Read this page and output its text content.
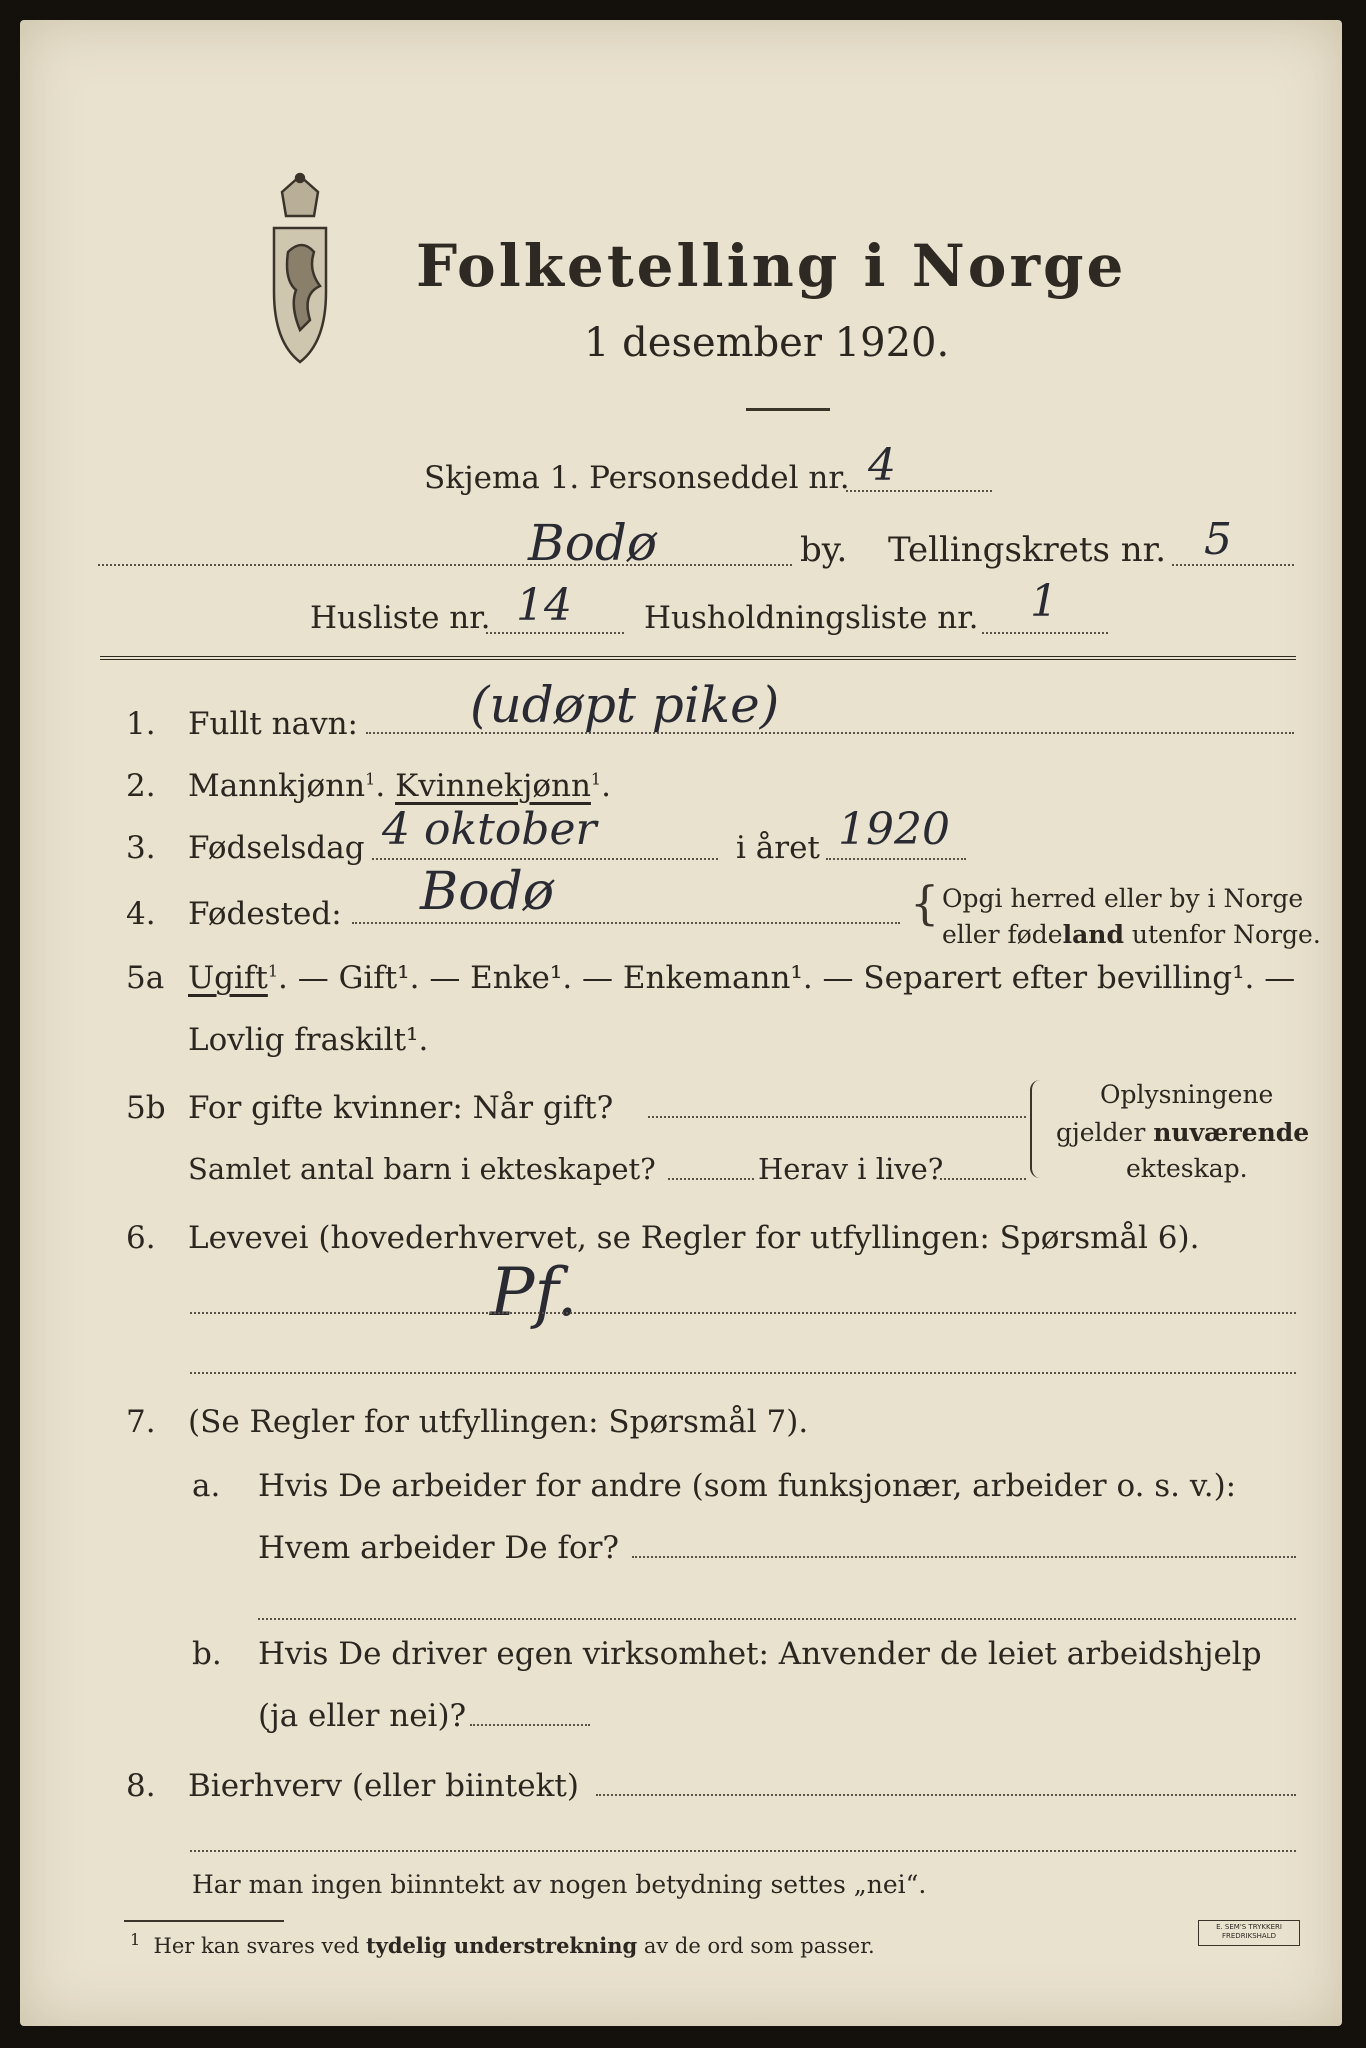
Folketelling i Norge
1 desember 1920.
Skjema 1. Personseddel nr. 4
Bodø	by. Tellingskrets nr. 5
Husliste nr. 14 Husholdningsliste nr. 1
1. Fullt navn: (udøpt pike)
2. Mannkjønn$^1$. Kvinnekjønn$^1$.
3. Fødselsdag 4 oktober	i året 1920
4. Fødested: Bodø	{ Opgi herred eller by i Norge
eller fødeland utenfor Norge.
5a Ugift$^1$. — Gift¹. — Enke¹. — Enkemann¹. — Separert efter bevilling¹. —
Lovlig fraskilt¹.
5b For gifte kvinner: Når gift?
Samlet antal barn i ekteskapet?	Herav i live?
Oplysningene
gjelder nuværende
ekteskap.
6. Levevei (hovederhvervet, se Regler for utfyllingen: Spørsmål 6).
Pf.
7. (Se Regler for utfyllingen: Spørsmål 7).
a. Hvis De arbeider for andre (som funksjonær, arbeider o. s. v.):
Hvem arbeider De for?
b. Hvis De driver egen virksomhet: Anvender de leiet arbeidshjelp
(ja eller nei)?
8. Bierhverv (eller biintekt)
Har man ingen biinntekt av nogen betydning settes „nei“.
$^1$ Her kan svares ved tydelig understrekning av de ord som passer.
E. SEM'S TRYKKERI
FREDRIKSHALD
